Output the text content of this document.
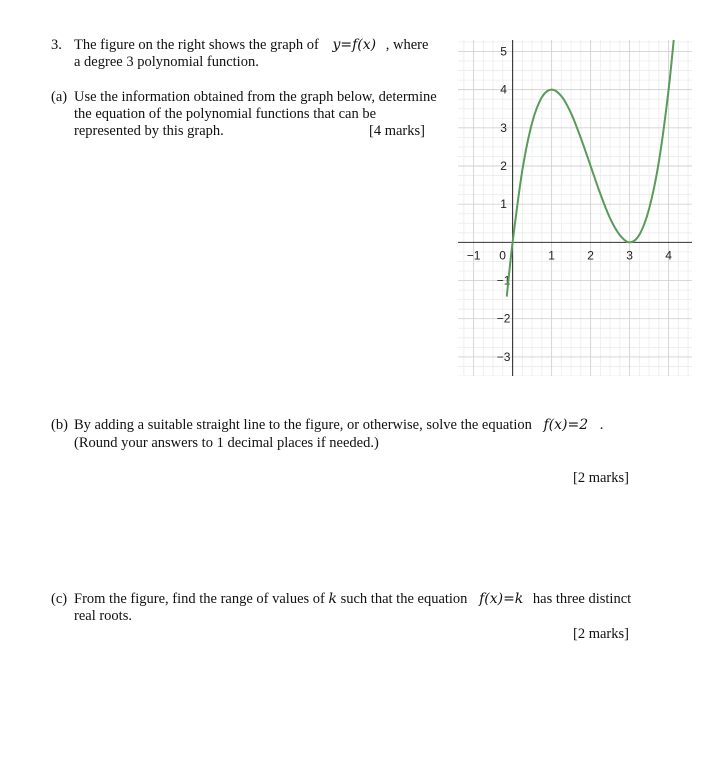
3. The figure on the right shows the graph of y=f(x) , where
a degree 3 polynomial function.
(a) Use the information obtained from the graph below, determine
the equation of the polynomial functions that can be
represented by this graph.	[4 marks]
−1 0	1	2	3	4
−3
−2
−1
1
2
3
4
5
(b) By adding a suitable straight line to the figure, or otherwise, solve the equation f(x)=2 .
(Round your answers to 1 decimal places if needed.)
[2 marks]
(c) From the figure, find the range of values of k such that the equation f(x)=k has three distinct
real roots.
[2 marks]
